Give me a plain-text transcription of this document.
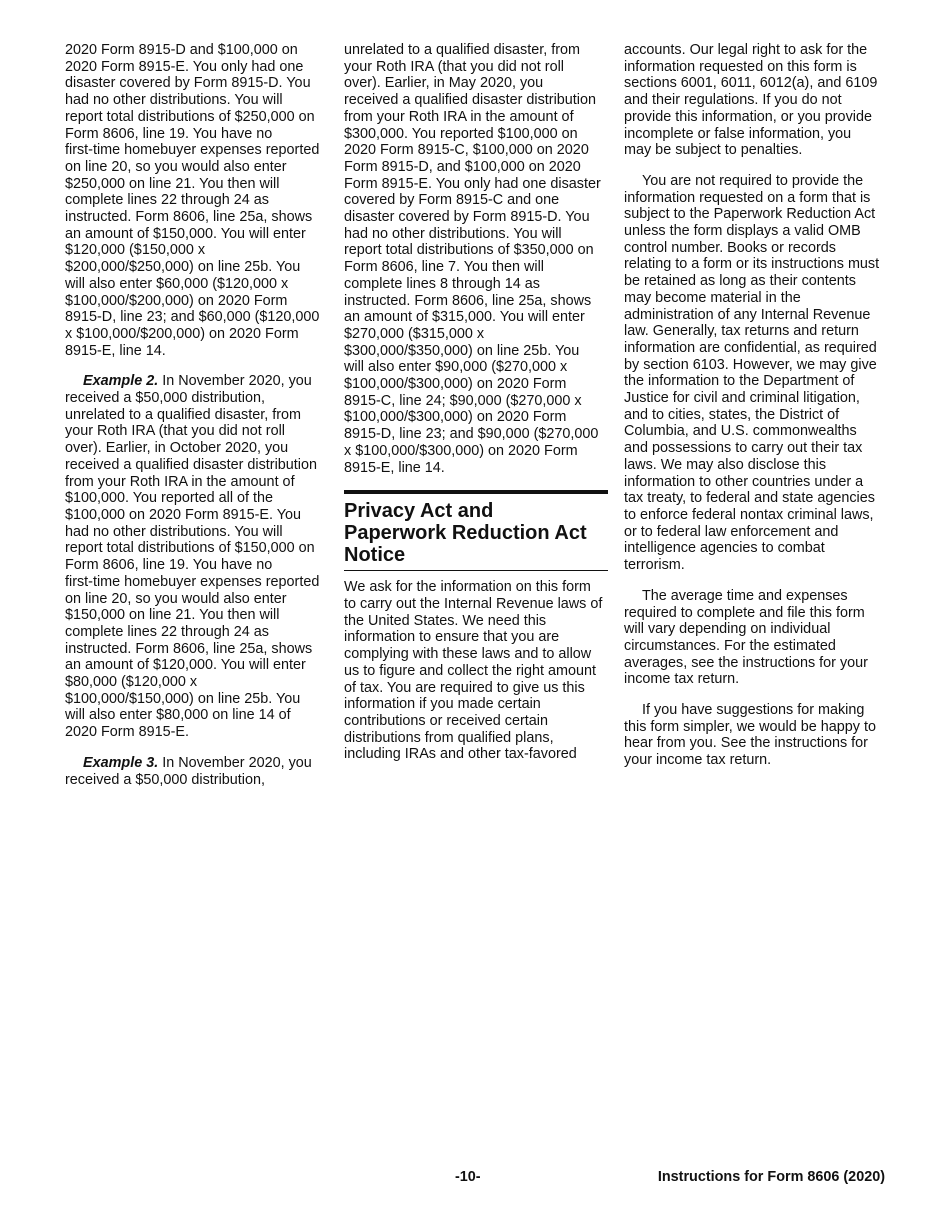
2020 Form 8915-D and $100,000 on
2020 Form 8915-E. You only had one
disaster covered by Form 8915-D. You
had no other distributions. You will
report total distributions of $250,000 on
Form 8606, line 19. You have no
first-time homebuyer expenses reported
on line 20, so you would also enter
$250,000 on line 21. You then will
complete lines 22 through 24 as
instructed. Form 8606, line 25a, shows
an amount of $150,000. You will enter
$120,000 ($150,000 x
$200,000/$250,000) on line 25b. You
will also enter $60,000 ($120,000 x
$100,000/$200,000) on 2020 Form
8915-D, line 23; and $60,000 ($120,000
x $100,000/$200,000) on 2020 Form
8915-E, line 14.

Example 2. In November 2020, you
received a $50,000 distribution,
unrelated to a qualified disaster, from
your Roth IRA (that you did not roll
over). Earlier, in October 2020, you
received a qualified disaster distribution
from your Roth IRA in the amount of
$100,000. You reported all of the
$100,000 on 2020 Form 8915-E. You
had no other distributions. You will
report total distributions of $150,000 on
Form 8606, line 19. You have no
first-time homebuyer expenses reported
on line 20, so you would also enter
$150,000 on line 21. You then will
complete lines 22 through 24 as
instructed. Form 8606, line 25a, shows
an amount of $120,000. You will enter
$80,000 ($120,000 x
$100,000/$150,000) on line 25b. You
will also enter $80,000 on line 14 of
2020 Form 8915-E.

Example 3. In November 2020, you
received a $50,000 distribution,

unrelated to a qualified disaster, from
your Roth IRA (that you did not roll
over). Earlier, in May 2020, you
received a qualified disaster distribution
from your Roth IRA in the amount of
$300,000. You reported $100,000 on
2020 Form 8915-C, $100,000 on 2020
Form 8915-D, and $100,000 on 2020
Form 8915-E. You only had one disaster
covered by Form 8915-C and one
disaster covered by Form 8915-D. You
had no other distributions. You will
report total distributions of $350,000 on
Form 8606, line 7. You then will
complete lines 8 through 14 as
instructed. Form 8606, line 25a, shows
an amount of $315,000. You will enter
$270,000 ($315,000 x
$300,000/$350,000) on line 25b. You
will also enter $90,000 ($270,000 x
$100,000/$300,000) on 2020 Form
8915-C, line 24; $90,000 ($270,000 x
$100,000/$300,000) on 2020 Form
8915-D, line 23; and $90,000 ($270,000
x $100,000/$300,000) on 2020 Form
8915-E, line 14.

Privacy Act and
Paperwork Reduction Act
Notice

We ask for the information on this form
to carry out the Internal Revenue laws of
the United States. We need this
information to ensure that you are
complying with these laws and to allow
us to figure and collect the right amount
of tax. You are required to give us this
information if you made certain
contributions or received certain
distributions from qualified plans,
including IRAs and other tax-favored

accounts. Our legal right to ask for the
information requested on this form is
sections 6001, 6011, 6012(a), and 6109
and their regulations. If you do not
provide this information, or you provide
incomplete or false information, you
may be subject to penalties.

You are not required to provide the
information requested on a form that is
subject to the Paperwork Reduction Act
unless the form displays a valid OMB
control number. Books or records
relating to a form or its instructions must
be retained as long as their contents
may become material in the
administration of any Internal Revenue
law. Generally, tax returns and return
information are confidential, as required
by section 6103. However, we may give
the information to the Department of
Justice for civil and criminal litigation,
and to cities, states, the District of
Columbia, and U.S. commonwealths
and possessions to carry out their tax
laws. We may also disclose this
information to other countries under a
tax treaty, to federal and state agencies
to enforce federal nontax criminal laws,
or to federal law enforcement and
intelligence agencies to combat
terrorism.

The average time and expenses
required to complete and file this form
will vary depending on individual
circumstances. For the estimated
averages, see the instructions for your
income tax return.

If you have suggestions for making
this form simpler, we would be happy to
hear from you. See the instructions for
your income tax return.

-10-	Instructions for Form 8606 (2020)
